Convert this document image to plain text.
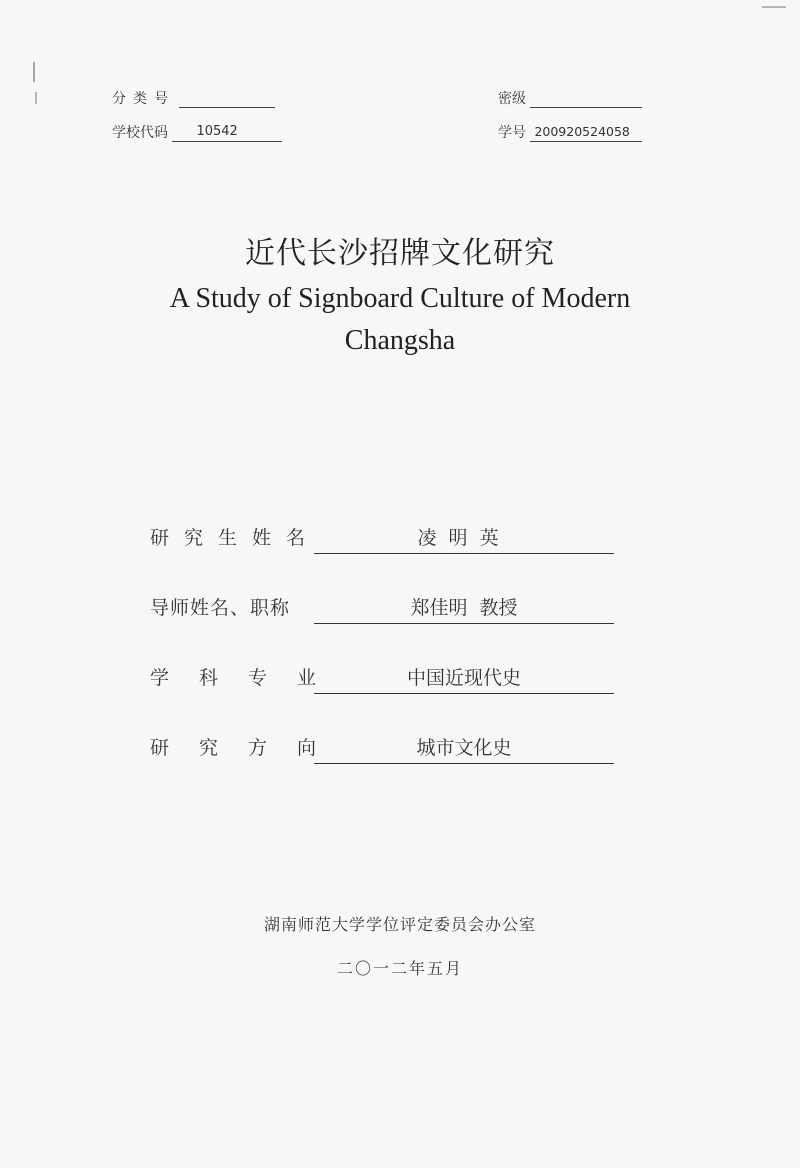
分类号
学校代码 10542
密级
学号 200920524058
近代长沙招牌文化研究
A Study of Signboard Culture of Modern
Changsha
研究生姓名	凌明英
导师姓名、职称	郑佳明  教授
学科专业	中国近现代史
研究方向	城市文化史
湖南师范大学学位评定委员会办公室
二〇一二年五月
